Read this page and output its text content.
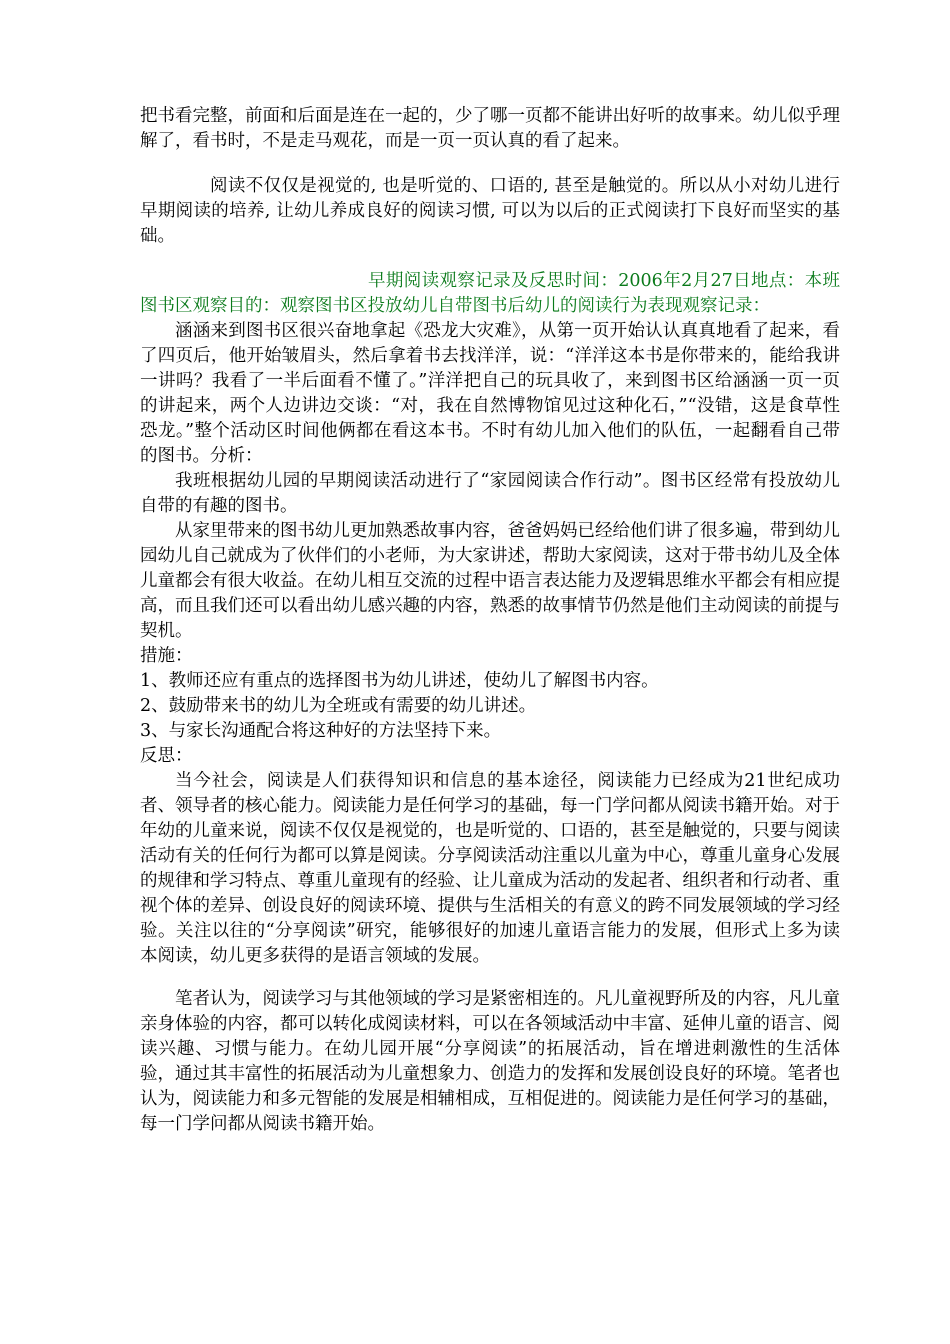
把书看完整，前面和后面是连在一起的，少了哪一页都不能讲出好听的故事来。幼儿似乎理解了，看书时，不是走马观花，而是一页一页认真的看了起来。

阅读不仅仅是视觉的, 也是听觉的、口语的, 甚至是触觉的。所以从小对幼儿进行早期阅读的培养, 让幼儿养成良好的阅读习惯, 可以为以后的正式阅读打下良好而坚实的基础。

早期阅读观察记录及反思时间：2006年2月27日地点：本班图书区观察目的：观察图书区投放幼儿自带图书后幼儿的阅读行为表现观察记录：

涵涵来到图书区很兴奋地拿起《恐龙大灾难》，从第一页开始认认真真地看了起来，看了四页后，他开始皱眉头，然后拿着书去找洋洋，说：“洋洋这本书是你带来的，能给我讲一讲吗？我看了一半后面看不懂了。”洋洋把自己的玩具收了，来到图书区给涵涵一页一页的讲起来，两个人边讲边交谈：“对，我在自然博物馆见过这种化石，”“没错，这是食草性恐龙。”整个活动区时间他俩都在看这本书。不时有幼儿加入他们的队伍，一起翻看自己带的图书。分析：

我班根据幼儿园的早期阅读活动进行了“家园阅读合作行动”。图书区经常有投放幼儿自带的有趣的图书。

从家里带来的图书幼儿更加熟悉故事内容，爸爸妈妈已经给他们讲了很多遍，带到幼儿园幼儿自己就成为了伙伴们的小老师，为大家讲述，帮助大家阅读，这对于带书幼儿及全体儿童都会有很大收益。在幼儿相互交流的过程中语言表达能力及逻辑思维水平都会有相应提高，而且我们还可以看出幼儿感兴趣的内容，熟悉的故事情节仍然是他们主动阅读的前提与契机。

措施：

1、教师还应有重点的选择图书为幼儿讲述，使幼儿了解图书内容。

2、鼓励带来书的幼儿为全班或有需要的幼儿讲述。

3、与家长沟通配合将这种好的方法坚持下来。

反思：

当今社会，阅读是人们获得知识和信息的基本途径，阅读能力已经成为21世纪成功者、领导者的核心能力。阅读能力是任何学习的基础，每一门学问都从阅读书籍开始。对于年幼的儿童来说，阅读不仅仅是视觉的，也是听觉的、口语的，甚至是触觉的，只要与阅读活动有关的任何行为都可以算是阅读。分享阅读活动注重以儿童为中心，尊重儿童身心发展的规律和学习特点、尊重儿童现有的经验、让儿童成为活动的发起者、组织者和行动者、重视个体的差异、创设良好的阅读环境、提供与生活相关的有意义的跨不同发展领域的学习经验。关注以往的“分享阅读”研究，能够很好的加速儿童语言能力的发展，但形式上多为读本阅读，幼儿更多获得的是语言领域的发展。

笔者认为，阅读学习与其他领域的学习是紧密相连的。凡儿童视野所及的内容，凡儿童亲身体验的内容，都可以转化成阅读材料，可以在各领域活动中丰富、延伸儿童的语言、阅读兴趣、习惯与能力。在幼儿园开展“分享阅读”的拓展活动，旨在增进刺激性的生活体验，通过其丰富性的拓展活动为儿童想象力、创造力的发挥和发展创设良好的环境。笔者也认为，阅读能力和多元智能的发展是相辅相成，互相促进的。阅读能力是任何学习的基础，每一门学问都从阅读书籍开始。
